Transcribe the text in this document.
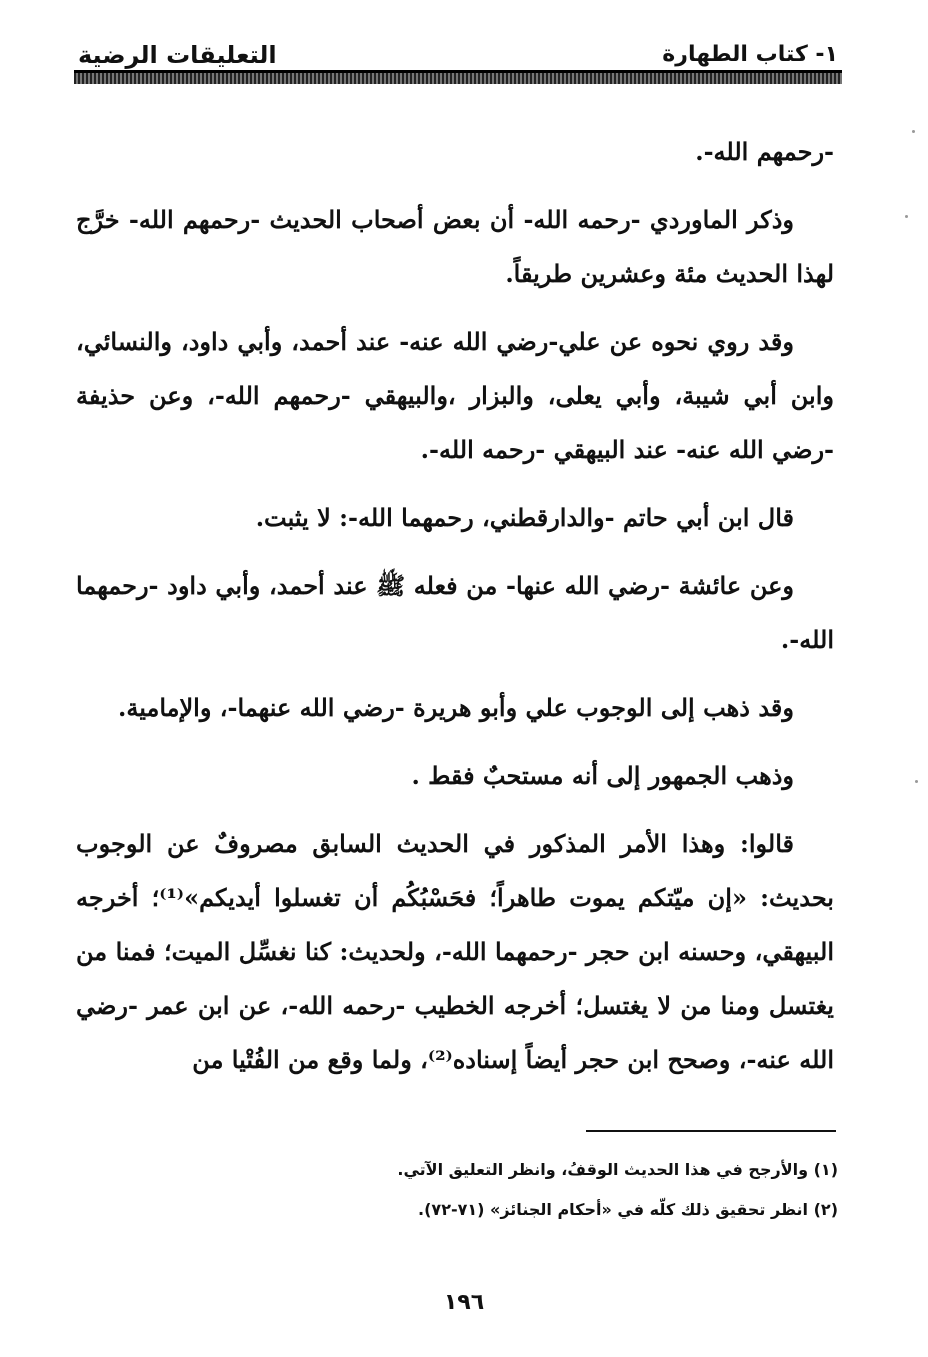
١- كتاب الطهارة
التعليقات الرضية

-رحمهم الله-.

وذكر الماوردي -رحمه الله- أن بعض أصحاب الحديث -رحمهم الله- خرَّج لهذا الحديث مئة وعشرين طريقاً.

وقد روي نحوه عن علي-رضي الله عنه- عند أحمد، وأبي داود، والنسائي، وابن أبي شيبة، وأبي يعلى، والبزار ،والبيهقي -رحمهم الله-، وعن حذيفة -رضي الله عنه- عند البيهقي -رحمه الله-.

قال ابن أبي حاتم -والدارقطني، رحمهما الله-: لا يثبت.

وعن عائشة -رضي الله عنها- من فعله ﷺ عند أحمد، وأبي داود -رحمهما الله-.

وقد ذهب إلى الوجوب علي وأبو هريرة -رضي الله عنهما-، والإمامية.

وذهب الجمهور إلى أنه مستحبٌ فقط .

قالوا: وهذا الأمر المذكور في الحديث السابق مصروفٌ عن الوجوب بحديث: «إن ميّتكم يموت طاهراً؛ فحَسْبُكُم أن تغسلوا أيديكم»⁽¹⁾؛ أخرجه البيهقي، وحسنه ابن حجر -رحمهما الله-، ولحديث: كنا نغسِّل الميت؛ فمنا من يغتسل ومنا من لا يغتسل؛ أخرجه الخطيب -رحمه الله-، عن ابن عمر -رضي الله عنه-، وصحح ابن حجر أيضاً إسناده⁽²⁾، ولما وقع من الفُتْيا من

(١) والأرجح في هذا الحديث الوقفُ، وانظر التعليق الآتي.

(٢) انظر تحقيق ذلك كلّه في «أحكام الجنائز» (٧١-٧٢).

١٩٦
